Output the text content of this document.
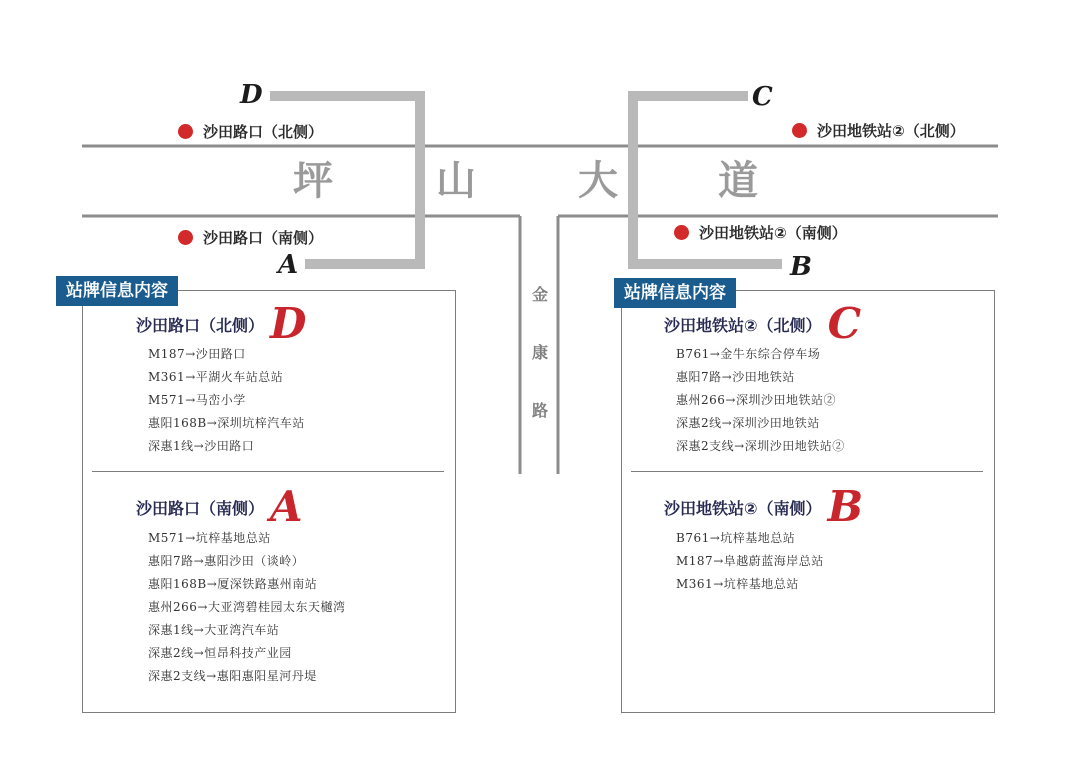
D
A
C
B
沙田路口（北侧）
沙田路口（南侧）
沙田地铁站②（北侧）
沙田地铁站②（南侧）
坪	山	大	道
金
康
路
站牌信息内容
沙田路口（北侧） D
M187→沙田路口
M361→平湖火车站总站
M571→马峦小学
惠阳168B→深圳坑梓汽车站
深惠1线→沙田路口
沙田路口（南侧） A
M571→坑梓基地总站
惠阳7路→惠阳沙田（谈岭）
惠阳168B→厦深铁路惠州南站
惠州266→大亚湾碧桂园太东天樾湾
深惠1线→大亚湾汽车站
深惠2线→恒昂科技产业园
深惠2支线→惠阳惠阳星河丹堤
站牌信息内容
沙田地铁站②（北侧） C
B761→金牛东综合停车场
惠阳7路→沙田地铁站
惠州266→深圳沙田地铁站②
深惠2线→深圳沙田地铁站
深惠2支线→深圳沙田地铁站②
沙田地铁站②（南侧） B
B761→坑梓基地总站
M187→阜越蔚蓝海岸总站
M361→坑梓基地总站
